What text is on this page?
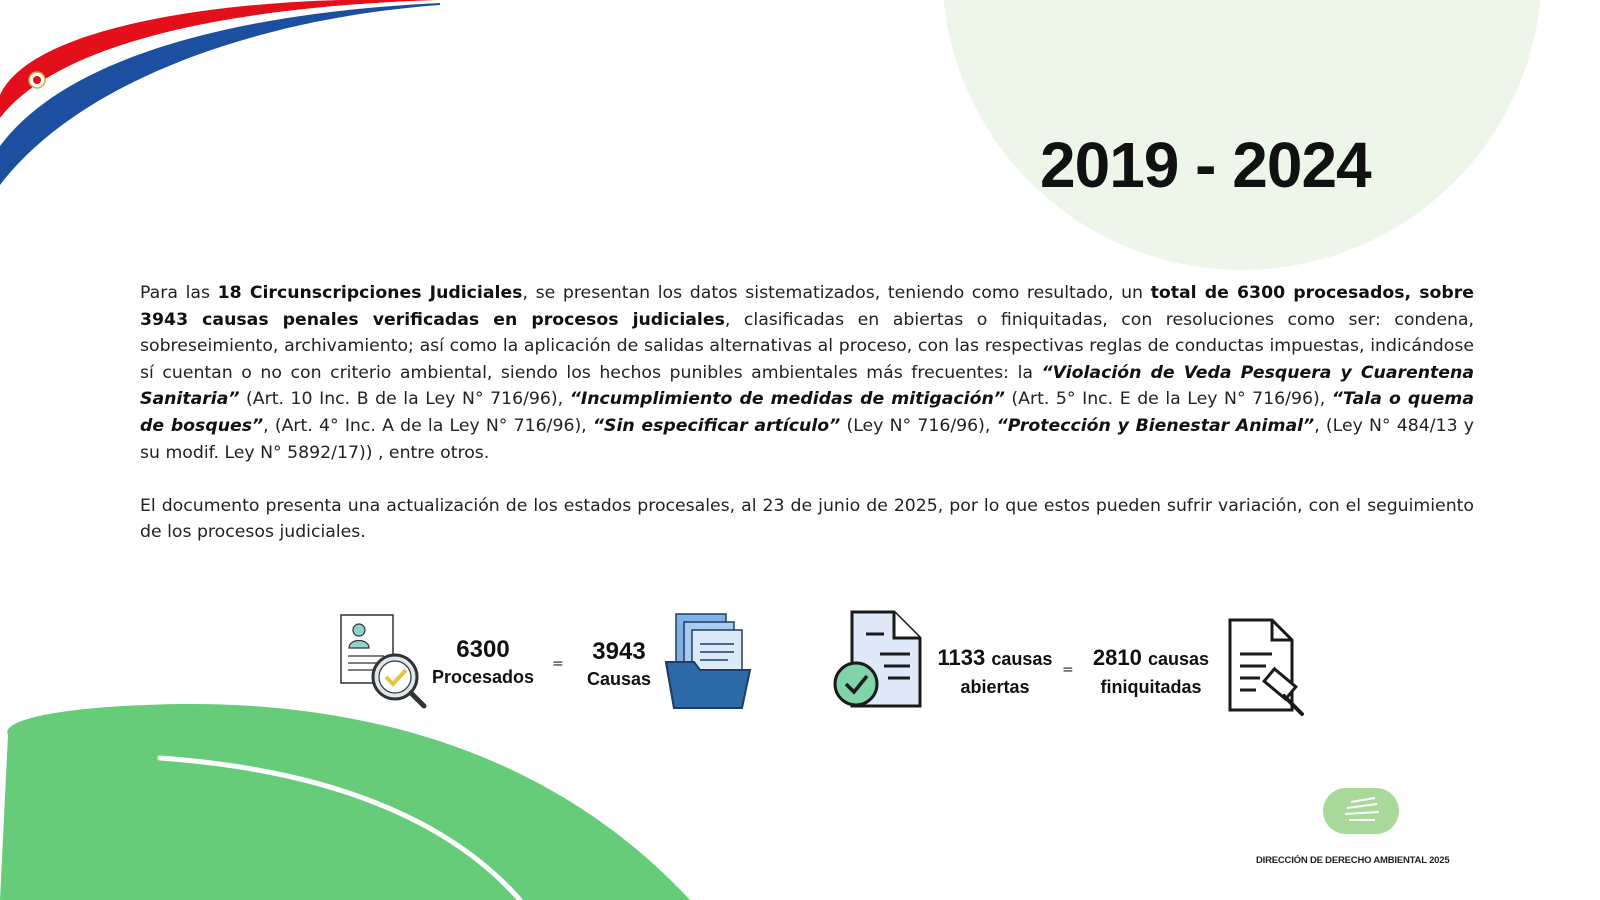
2019 - 2024

Para las 18 Circunscripciones Judiciales, se presentan los datos sistematizados, teniendo como resultado, un total de 6300 procesados, sobre 3943 causas penales verificadas en procesos judiciales, clasificadas en abiertas o finiquitadas, con resoluciones como ser: condena, sobreseimiento, archivamiento; así como la aplicación de salidas alternativas al proceso, con las respectivas reglas de conductas impuestas, indicándose sí cuentan o no con criterio ambiental, siendo los hechos punibles ambientales más frecuentes: la “Violación de Veda Pesquera y Cuarentena Sanitaria” (Art. 10 Inc. B de la Ley N° 716/96), “Incumplimiento de medidas de mitigación” (Art. 5° Inc. E de la Ley N° 716/96), “Tala o quema de bosques”, (Art. 4° Inc. A de la Ley N° 716/96), “Sin especificar artículo” (Ley N° 716/96), “Protección y Bienestar Animal”, (Ley N° 484/13 y su modif. Ley N° 5892/17)) , entre otros.

El documento presenta una actualización de los estados procesales, al 23 de junio de 2025, por lo que estos pueden sufrir variación, con el seguimiento de los procesos judiciales.

6300
Procesados
=	3943
Causas
1133 causas
abiertas
= 2810 causas
finiquitadas
DIRECCIÓN DE DERECHO AMBIENTAL 2025
